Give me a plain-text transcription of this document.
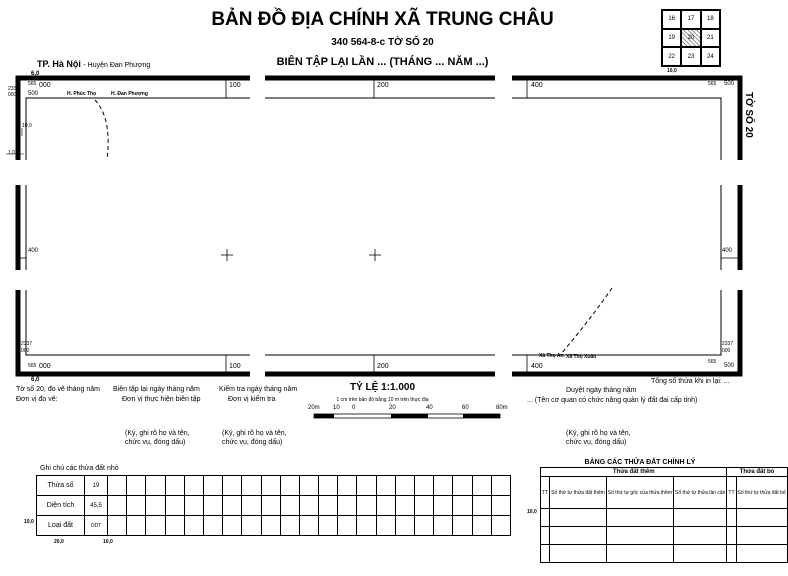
BẢN ĐỒ ĐỊA CHÍNH XÃ TRUNG CHÂU
340 564-8-c TỜ SỐ 20
BIÊN TẬP LẠI LẦN ... (THÁNG ... NĂM ...)
TP. Hà Nội - Huyện Đan Phượng
16	17	18
19	20	21
22	23	24
10,0
6,0
2337
000
565
500
000	100	200	400	565 500
H. Phúc Thọ	H. Đan Phượng
10,0
1,0
400	400
2337
000
565 000	100	200	400
2337
000
565
500
6,0
Xã Thọ An Xã Thọ Xuân
TỜ SỐ 20
Tờ số 20, đo vẽ tháng năm
Đơn vị đo vẽ:
Biên tập lại ngày tháng năm
Đơn vị thực hiện biên tập
Kiểm tra ngày tháng năm
Đơn vị kiểm tra
(Ký, ghi rõ họ và tên,
chức vụ, đóng dấu)
(Ký, ghi rõ họ và tên,
chức vụ, đóng dấu)
Tổng số thửa khi in lại: ...
Duyệt ngày tháng năm
... (Tên cơ quan có chức năng quản lý đất đai cấp tỉnh)
(Ký, ghi rõ họ và tên,
chức vụ, đóng dấu)
TỶ LỆ 1:1.000
1 cm trên bản đồ bằng 10 m trên thực địa
20m 10 0	20	40	60	80m
Ghi chú các thửa đất nhỏ
Thửa số	19																					
Diện tích	45,5																					
Loại đất	ODT																					
10,0
20,0	10,0
BẢNG CÁC THỬA ĐẤT CHỈNH LÝ
Thửa đất thêm				Thửa đất bỏ	
TT	Số thứ tự thửa đất thêm	Số thứ tự gốc của thửa thêm	Số thứ tự thửa lân cận	TT	Số thứ tự thửa đất bỏ

10,0
